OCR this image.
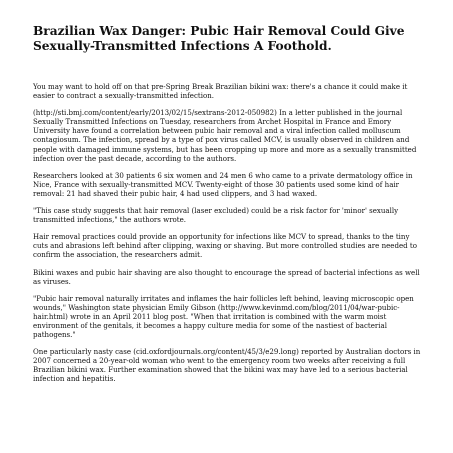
Brazilian Wax Danger: Pubic Hair Removal Could Give Sexually-Transmitted Infections A Foothold.

You may want to hold off on that pre-Spring Break Brazilian bikini wax: there's a chance it could make it easier to contract a sexually-transmitted infection.

(http://sti.bmj.com/content/early/2013/02/15/sextrans-2012-050982) In a letter published in the journal Sexually Transmitted Infections on Tuesday, researchers from Archet Hospital in France and Emory University have found a correlation between pubic hair removal and a viral infection called molluscum contagiosum. The infection, spread by a type of pox virus called MCV, is usually observed in children and people with damaged immune systems, but has been cropping up more and more as a sexually transmitted infection over the past decade, according to the authors.

Researchers looked at 30 patients 6 six women and 24 men 6 who came to a private dermatology office in Nice, France with sexually-transmitted MCV. Twenty-eight of those 30 patients used some kind of hair removal: 21 had shaved their pubic hair, 4 had used clippers, and 3 had waxed.

"This case study suggests that hair removal (laser excluded) could be a risk factor for 'minor' sexually transmitted infections," the authors wrote.

Hair removal practices could provide an opportunity for infections like MCV to spread, thanks to the tiny cuts and abrasions left behind after clipping, waxing or shaving. But more controlled studies are needed to confirm the association, the researchers admit.

Bikini waxes and pubic hair shaving are also thought to encourage the spread of bacterial infections as well as viruses.

"Pubic hair removal naturally irritates and inflames the hair follicles left behind, leaving microscopic open wounds," Washington state physician Emily Gibson (http://www.kevinmd.com/blog/2011/04/war-pubic-hair.html) wrote in an April 2011 blog post. "When that irritation is combined with the warm moist environment of the genitals, it becomes a happy culture media for some of the nastiest of bacterial pathogens."

One particularly nasty case (cid.oxfordjournals.org/content/45/3/e29.long) reported by Australian doctors in 2007 concerned a 20-year-old woman who went to the emergency room two weeks after receiving a full Brazilian bikini wax. Further examination showed that the bikini wax may have led to a serious bacterial infection and hepatitis.
